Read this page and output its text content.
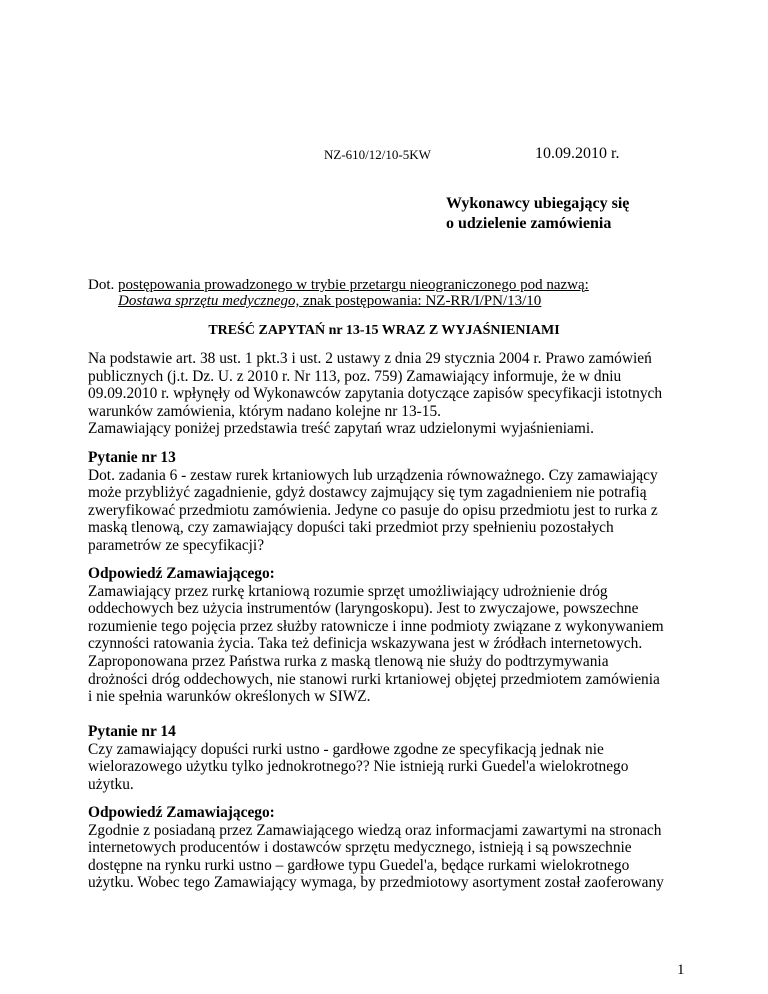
NZ-610/12/10-5KW	10.09.2010 r.
Wykonawcy ubiegający się
o udzielenie zamówienia
Dot. postępowania prowadzonego w trybie przetargu nieograniczonego pod nazwą:
Dostawa sprzętu medycznego, znak postępowania: NZ-RR/I/PN/13/10
TREŚĆ ZAPYTAŃ nr 13-15 WRAZ Z WYJAŚNIENIAMI
Na podstawie art. 38 ust. 1 pkt.3 i ust. 2 ustawy z dnia 29 stycznia 2004 r. Prawo zamówień
publicznych (j.t. Dz. U. z 2010 r. Nr 113, poz. 759) Zamawiający informuje, że w dniu
09.09.2010 r. wpłynęły od Wykonawców zapytania dotyczące zapisów specyfikacji istotnych
warunków zamówienia, którym nadano kolejne nr 13-15.
Zamawiający poniżej przedstawia treść zapytań wraz udzielonymi wyjaśnieniami.
Pytanie nr 13
Dot. zadania 6 - zestaw rurek krtaniowych lub urządzenia równoważnego. Czy zamawiający
może przybliżyć zagadnienie, gdyż dostawcy zajmujący się tym zagadnieniem nie potrafią
zweryfikować przedmiotu zamówienia. Jedyne co pasuje do opisu przedmiotu jest to rurka z
maską tlenową, czy zamawiający dopuści taki przedmiot przy spełnieniu pozostałych
parametrów ze specyfikacji?
Odpowiedź Zamawiającego:
Zamawiający przez rurkę krtaniową rozumie sprzęt umożliwiający udrożnienie dróg
oddechowych bez użycia instrumentów (laryngoskopu). Jest to zwyczajowe, powszechne
rozumienie tego pojęcia przez służby ratownicze i inne podmioty związane z wykonywaniem
czynności ratowania życia. Taka też definicja wskazywana jest w źródłach internetowych.
Zaproponowana przez Państwa rurka z maską tlenową nie służy do podtrzymywania
drożności dróg oddechowych, nie stanowi rurki krtaniowej objętej przedmiotem zamówienia
i nie spełnia warunków określonych w SIWZ.
Pytanie nr 14
Czy zamawiający dopuści rurki ustno - gardłowe zgodne ze specyfikacją jednak nie
wielorazowego użytku tylko jednokrotnego?? Nie istnieją rurki Guedel'a wielokrotnego
użytku.
Odpowiedź Zamawiającego:
Zgodnie z posiadaną przez Zamawiającego wiedzą oraz informacjami zawartymi na stronach
internetowych producentów i dostawców sprzętu medycznego, istnieją i są powszechnie
dostępne na rynku rurki ustno – gardłowe typu Guedel'a, będące rurkami wielokrotnego
użytku. Wobec tego Zamawiający wymaga, by przedmiotowy asortyment został zaoferowany
1
